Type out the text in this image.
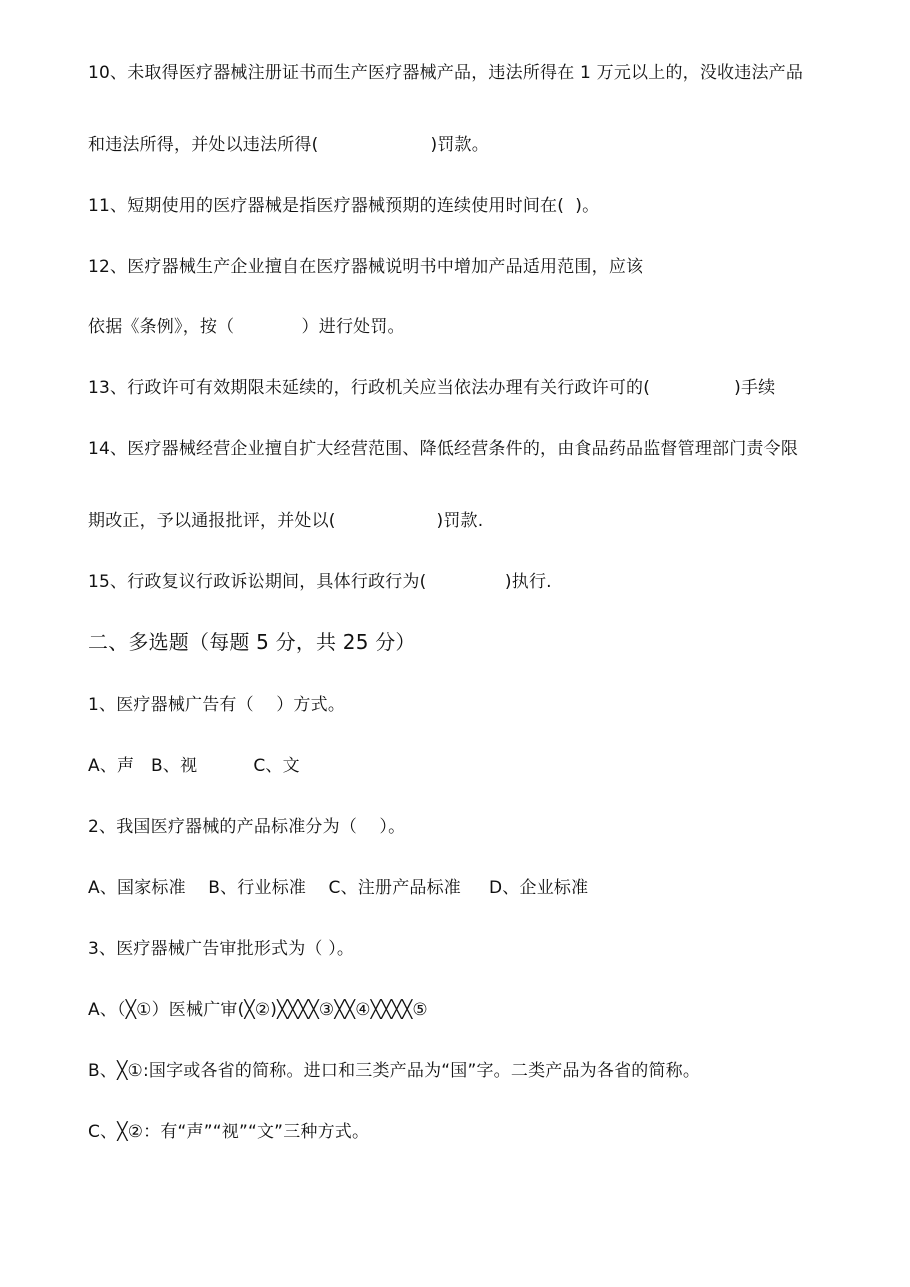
10、未取得医疗器械注册证书而生产医疗器械产品，违法所得在 1 万元以上的，没收违法产品
和违法所得，并处以违法所得(                    )罚款。
11、短期使用的医疗器械是指医疗器械预期的连续使用时间在(  )。
12、医疗器械生产企业擅自在医疗器械说明书中增加产品适用范围，应该
依据《条例》，按（            ）进行处罚。
13、行政许可有效期限未延续的，行政机关应当依法办理有关行政许可的(               )手续
14、医疗器械经营企业擅自扩大经营范围、降低经营条件的，由食品药品监督管理部门责令限
期改正，予以通报批评，并处以(                  )罚款.
15、行政复议行政诉讼期间，具体行政行为(              )执行.
二、多选题（每题 5 分，共 25 分）
1、医疗器械广告有（    ）方式。
A、声   B、视          C、文
2、我国医疗器械的产品标准分为（    ）。
A、国家标准    B、行业标准    C、注册产品标准     D、企业标准
3、医疗器械广告审批形式为（ ）。
A、（╳①）医械广审(╳②)╳╳╳╳③╳╳④╳╳╳╳⑤
B、╳①:国字或各省的简称。进口和三类产品为“国”字。二类产品为各省的简称。
C、╳②：有“声”“视”“文”三种方式。
